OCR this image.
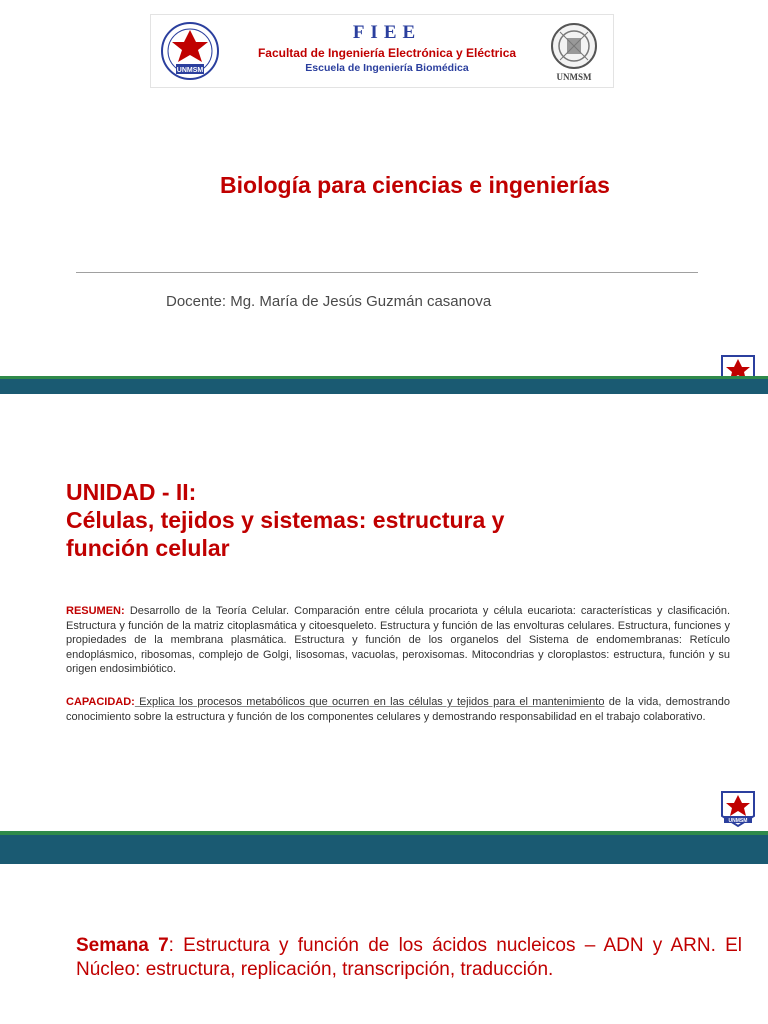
UNMSM
FIEE
Facultad de Ingeniería Electrónica y Eléctrica
Escuela de Ingeniería Biomédica
UNMSM
Biología para ciencias e ingenierías
Docente: Mg. María de Jesús Guzmán casanova
UNIDAD - II:
Células, tejidos y sistemas: estructura y
función celular
RESUMEN: Desarrollo de la Teoría Celular. Comparación entre célula procariota y célula eucariota: características y clasificación. Estructura y función de la matriz citoplasmática y citoesqueleto. Estructura y función de las envolturas celulares. Estructura, funciones y propiedades de la membrana plasmática. Estructura y función de los organelos del Sistema de endomembranas: Retículo endoplásmico, ribosomas, complejo de Golgi, lisosomas, vacuolas, peroxisomas. Mitocondrias y cloroplastos: estructura, función y su origen endosimbiótico.
CAPACIDAD: Explica los procesos metabólicos que ocurren en las células y tejidos para el mantenimiento de la vida, demostrando conocimiento sobre la estructura y función de los componentes celulares y demostrando responsabilidad en el trabajo colaborativo.
UNMSM
Semana 7: Estructura y función de los ácidos nucleicos – ADN y ARN. El Núcleo: estructura, replicación, transcripción, traducción.
